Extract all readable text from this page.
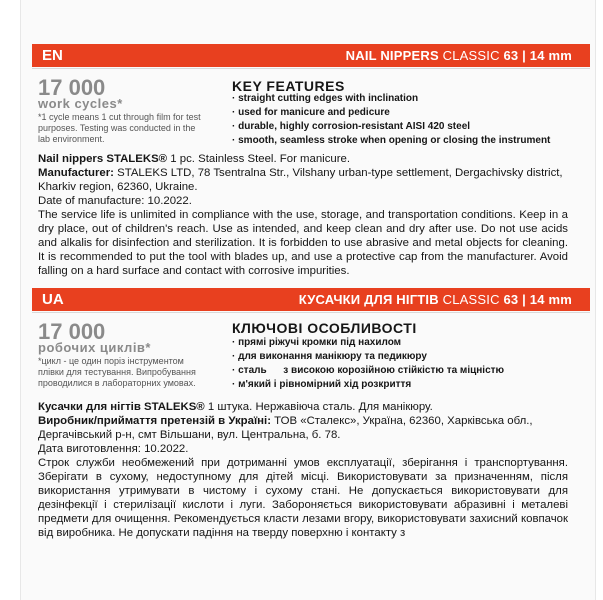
EN	NAIL NIPPERS CLASSIC 63 | 14 mm
17 000
work cycles*
*1 cycle means 1 cut through film for test purposes. Testing was conducted in the lab environment.
KEY FEATURES
· straight cutting edges with inclination
· used for manicure and pedicure
· durable, highly corrosion-resistant AISI 420 steel
· smooth, seamless stroke when opening or closing the instrument

Nail nippers STALEKS® 1 pc. Stainless Steel. For manicure.

Manufacturer: STALEKS LTD, 78 Tsentralna Str., Vilshany urban-type settlement, Dergachivsky district, Kharkiv region, 62360, Ukraine.

Date of manufacture: 10.2022.

The service life is unlimited in compliance with the use, storage, and transportation conditions. Keep in a dry place, out of children's reach. Use as intended, and keep clean and dry after use. Do not use acids and alkalis for disinfection and sterilization. It is forbidden to use abrasive and metal objects for cleaning. It is recommended to put the tool with blades up, and use a protective cap from the manufacturer. Avoid falling on a hard surface and contact with corrosive impurities.

UA	КУСАЧКИ ДЛЯ НІГТІВ CLASSIC 63 | 14 mm
17 000
робочих циклів*
*цикл - це один поріз інструментом плівки для тестування. Випробування проводилися в лабораторних умовах.
КЛЮЧОВІ ОСОБЛИВОСТІ
· прямі ріжучі кромки під нахилом
· для виконання манікюру та педикюру
· сталь      з високою корозійною стійкістю та міцністю
· м'який і рівномірний хід розкриття

Кусачки для нігтів STALEKS® 1 штука. Нержавіюча сталь. Для манікюру.

Виробник/приймаття претензій в Україні: ТОВ «Сталекс», Україна, 62360, Харківська обл., Дергачівський р-н, смт Вільшани, вул. Центральна, б. 78.

Дата виготовлення: 10.2022.

Строк служби необмежений при дотриманні умов експлуатації, зберігання і транспортування. Зберігати в сухому, недоступному для дітей місці. Використовувати за призначенням, після використання утримувати в чистому і сухому стані. Не допускається використовувати для дезінфекції і стерилізації кислоти і луги. Забороняється використовувати абразивні і металеві предмети для очищення. Рекомендується класти лезами вгору, використовувати захисний ковпачок від виробника. Не допускати падіння на тверду поверхню і контакту з
